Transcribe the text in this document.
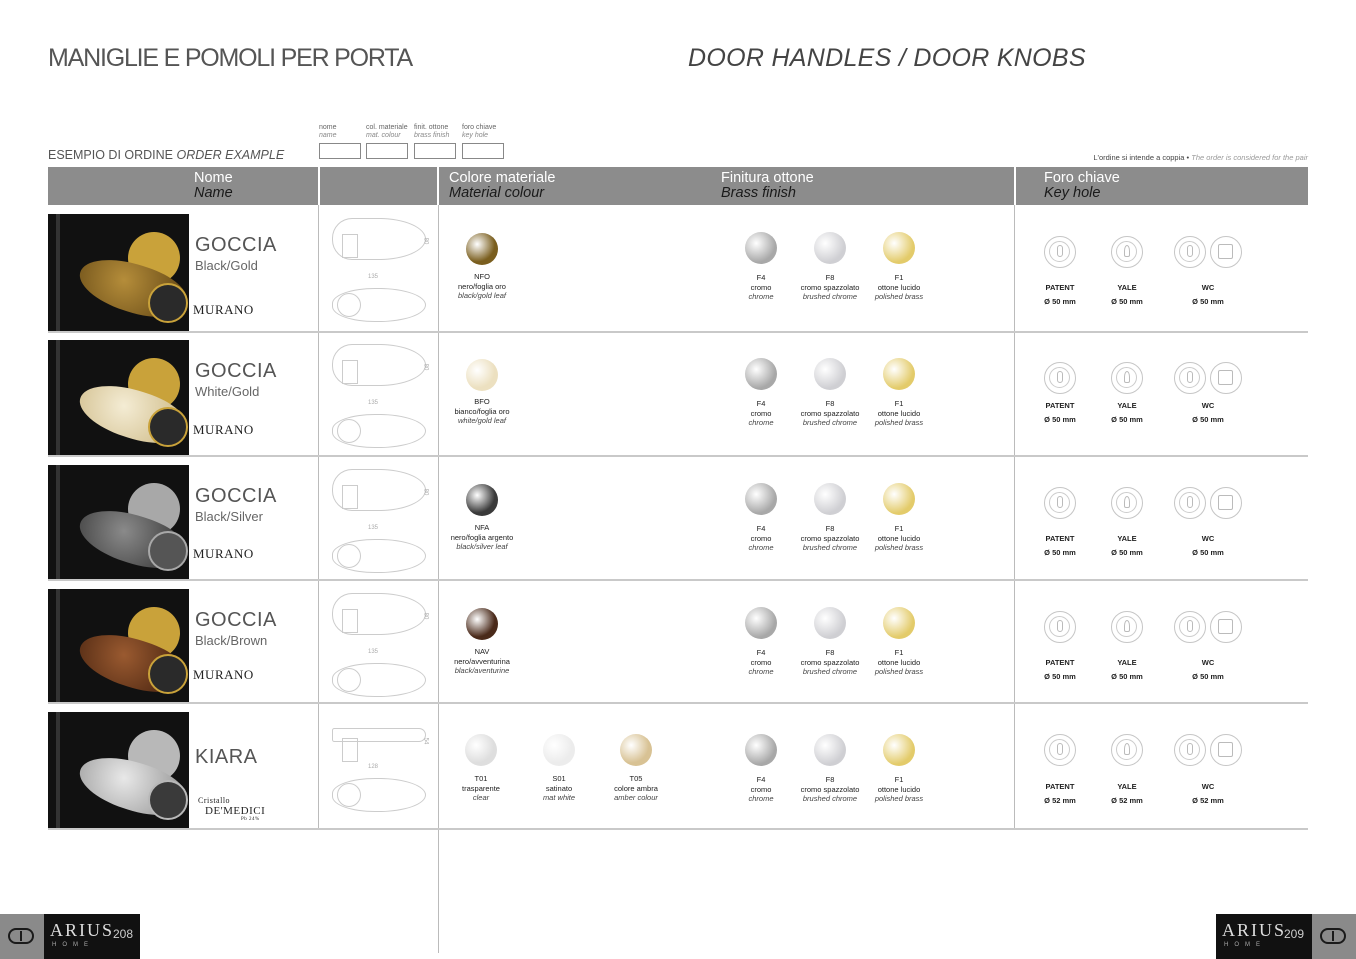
MANIGLIE E POMOLI PER PORTA	DOOR HANDLES / DOOR KNOBS
ESEMPIO DI ORDINE ORDER EXAMPLE
nome
name
col. materiale
mat. colour
finit. ottone
brass finish
foro chiave
key hole
L'ordine si intende a coppia • The order is considered for the pair
Nome
Name
Colore materiale
Material colour
Finitura ottone
Brass finish
Foro chiave
Key hole
GOCCIA
Black/Gold
MURANO
135
80
NFO
nero/foglia oro
black/gold leaf
F4
cromo
chrome
F8
cromo spazzolato
brushed chrome
F1
ottone lucido
polished brass
PATENT
Ø 50 mm
YALE
Ø 50 mm
WC
Ø 50 mm
GOCCIA
White/Gold
MURANO
135
80
BFO
bianco/foglia oro
white/gold leaf
F4
cromo
chrome
F8
cromo spazzolato
brushed chrome
F1
ottone lucido
polished brass
PATENT
Ø 50 mm
YALE
Ø 50 mm
WC
Ø 50 mm
GOCCIA
Black/Silver
MURANO
135
80
NFA
nero/foglia argento
black/silver leaf
F4
cromo
chrome
F8
cromo spazzolato
brushed chrome
F1
ottone lucido
polished brass
PATENT
Ø 50 mm
YALE
Ø 50 mm
WC
Ø 50 mm
GOCCIA
Black/Brown
MURANO
135
80
NAV
nero/avventurina
black/aventurine
F4
cromo
chrome
F8
cromo spazzolato
brushed chrome
F1
ottone lucido
polished brass
PATENT
Ø 50 mm
YALE
Ø 50 mm
WC
Ø 50 mm
KIARA
Cristallo
DE'MEDICI
Pb 24%
128
54
T01
trasparente
clear
S01
satinato
mat white
T05
colore ambra
amber colour
F4
cromo
chrome
F8
cromo spazzolato
brushed chrome
F1
ottone lucido
polished brass
PATENT
Ø 52 mm
YALE
Ø 52 mm
WC
Ø 52 mm
ARIUS
HOME
208	ARIUS
HOME
209
